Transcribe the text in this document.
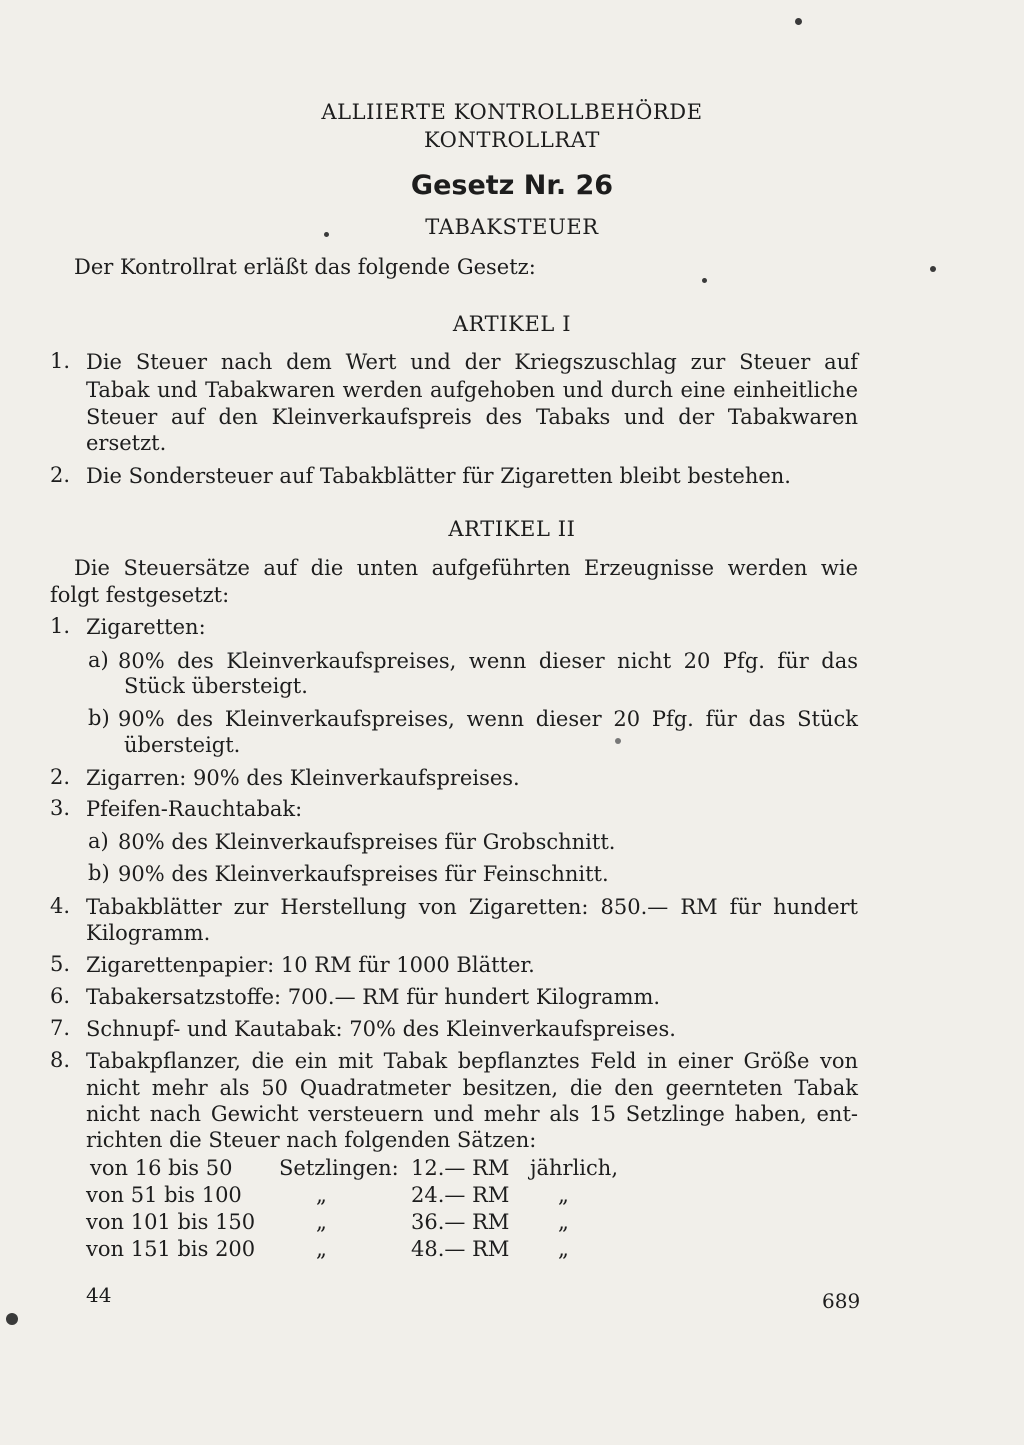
ALLIIERTE KONTROLLBEHÖRDE
KONTROLLRAT
Gesetz Nr. 26
TABAKSTEUER
Der Kontrollrat erläßt das folgende Gesetz:
ARTIKEL I
1. Die Steuer nach dem Wert und der Kriegszuschlag zur Steuer auf
Tabak und Tabakwaren werden aufgehoben und durch eine einheitliche
Steuer auf den Kleinverkaufspreis des Tabaks und der Tabakwaren
ersetzt.
2. Die Sondersteuer auf Tabakblätter für Zigaretten bleibt bestehen.
ARTIKEL II
Die Steuersätze auf die unten aufgeführten Erzeugnisse werden wie
folgt festgesetzt:
1. Zigaretten:
a) 80% des Kleinverkaufspreises, wenn dieser nicht 20 Pfg. für das
Stück übersteigt.
b) 90% des Kleinverkaufspreises, wenn dieser 20 Pfg. für das Stück
übersteigt.
2. Zigarren: 90% des Kleinverkaufspreises.
3. Pfeifen-Rauchtabak:
a) 80% des Kleinverkaufspreises für Grobschnitt.
b) 90% des Kleinverkaufspreises für Feinschnitt.
4. Tabakblätter zur Herstellung von Zigaretten: 850.— RM für hundert
Kilogramm.
5. Zigarettenpapier: 10 RM für 1000 Blätter.
6. Tabakersatzstoffe: 700.— RM für hundert Kilogramm.
7. Schnupf- und Kautabak: 70% des Kleinverkaufspreises.
8. Tabakpflanzer, die ein mit Tabak bepflanztes Feld in einer Größe von
nicht mehr als 50 Quadratmeter besitzen, die den geernteten Tabak
nicht nach Gewicht versteuern und mehr als 15 Setzlinge haben, ent-
richten die Steuer nach folgenden Sätzen:
von 16 bis 50 Setzlingen: 12.— RM jährlich,
von 51 bis 100	„	24.— RM „
von 101 bis 150	„	36.— RM „
von 151 bis 200	„	48.— RM „
44	689
